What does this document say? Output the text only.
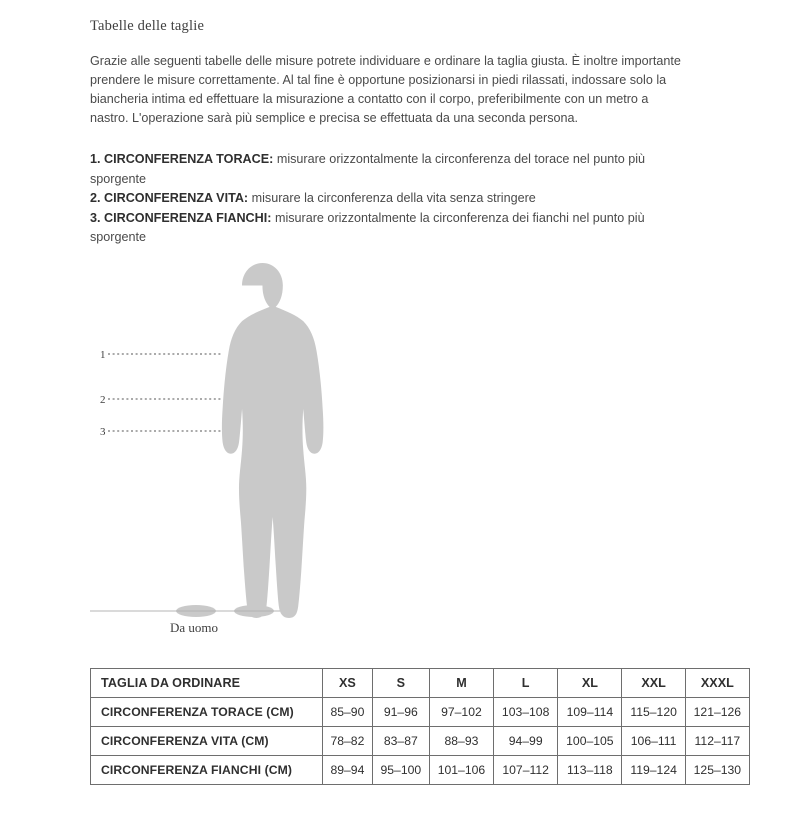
Tabelle delle taglie
Grazie alle seguenti tabelle delle misure potrete individuare e ordinare la taglia giusta. È inoltre importante prendere le misure correttamente. Al tal fine è opportune posizionarsi in piedi rilassati, indossare solo la biancheria intima ed effettuare la misurazione a contatto con il corpo, preferibilmente con un metro a nastro. L'operazione sarà più semplice e precisa se effettuata da una seconda persona.
1. CIRCONFERENZA TORACE: misurare orizzontalmente la circonferenza del torace nel punto più sporgente
2. CIRCONFERENZA VITA: misurare la circonferenza della vita senza stringere
3. CIRCONFERENZA FIANCHI: misurare orizzontalmente la circonferenza dei fianchi nel punto più sporgente
1
2
3
Da uomo
TAGLIA DA ORDINARE	XS	S	M	L	XL	XXL	XXXL
CIRCONFERENZA TORACE (CM)	85–90	91–96	97–102	103–108	109–114	115–120	121–126
CIRCONFERENZA VITA (CM)	78–82	83–87	88–93	94–99	100–105	106–111	112–117
CIRCONFERENZA FIANCHI (CM)	89–94	95–100	101–106	107–112	113–118	119–124	125–130
